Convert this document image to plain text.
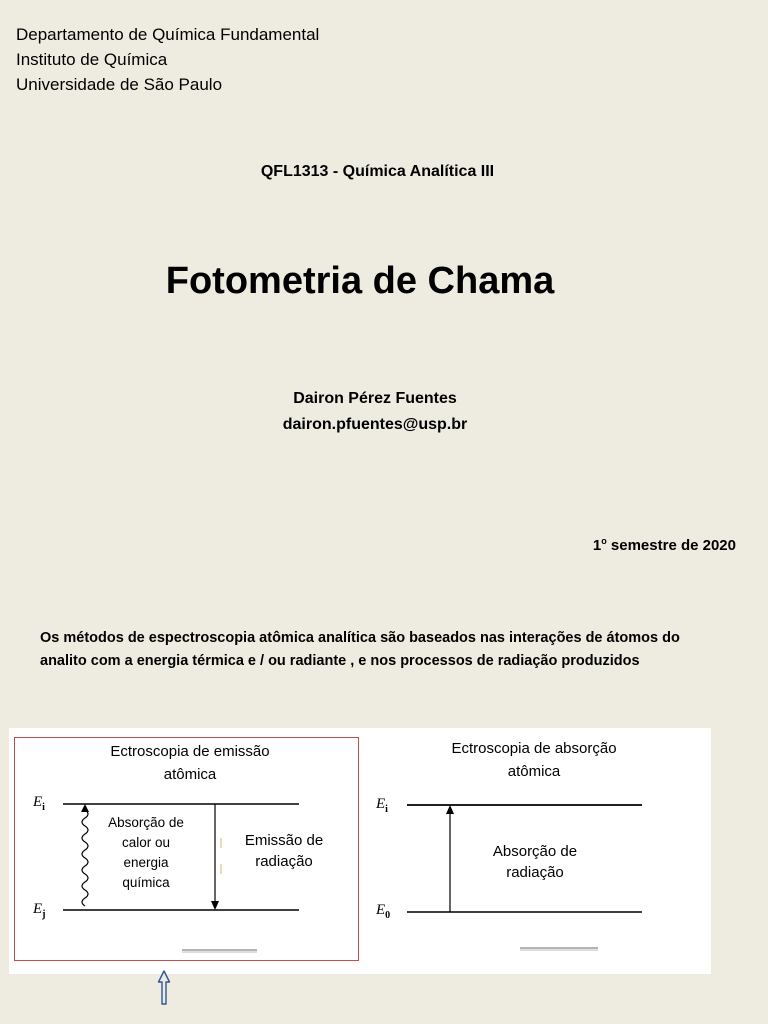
Departamento de Química Fundamental
Instituto de Química
Universidade de São Paulo
QFL1313 - Química Analítica III
Fotometria de Chama
Dairon Pérez Fuentes
dairon.pfuentes@usp.br
1$^o$ semestre de 2020
Os métodos de espectroscopia atômica analítica são baseados nas interações de átomos do analito com a energia térmica e / ou radiante , e nos processos de radiação produzidos
Ectroscopia de emissão
atômica
$E_i$
$E_j$
Absorção de
calor ou
energia
química
Emissão de
radiação
Ectroscopia de absorção
atômica
$E_i$
$E_0$
Absorção de
radiação
